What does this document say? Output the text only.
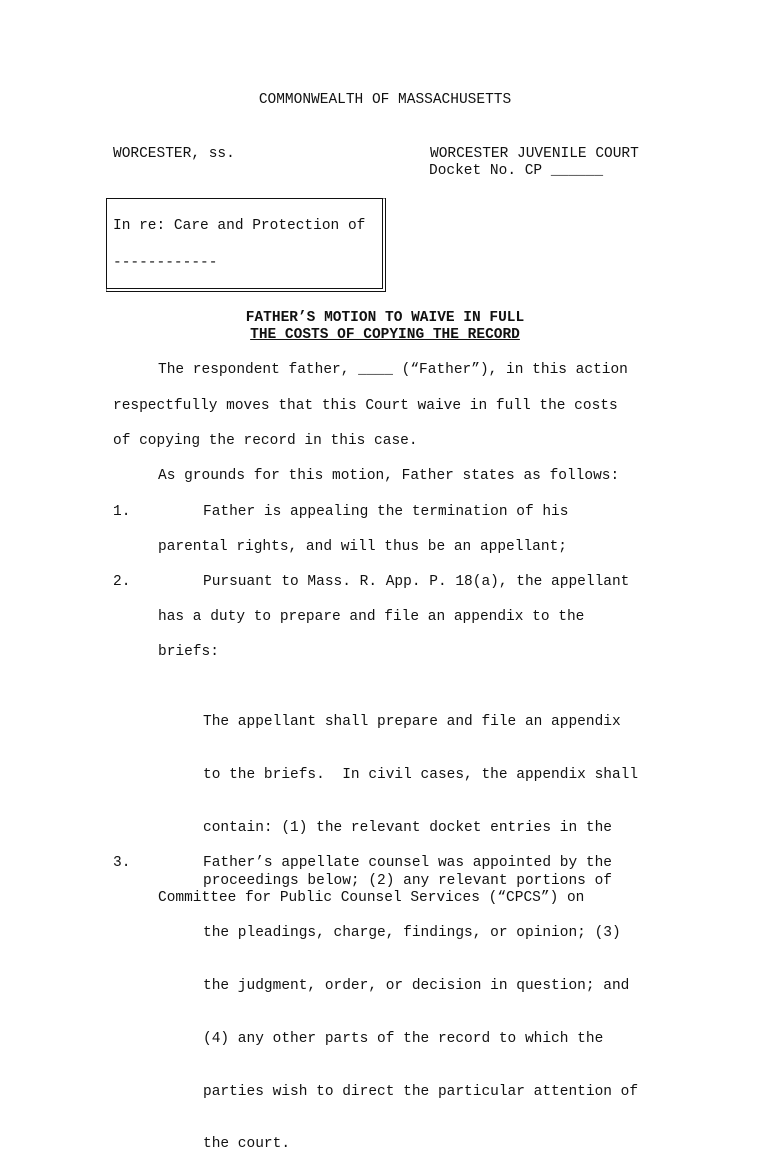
COMMONWEALTH OF MASSACHUSETTS
WORCESTER, ss.	WORCESTER JUVENILE COURT
Docket No. CP ______
In re: Care and Protection of
------------
FATHER’S MOTION TO WAIVE IN FULL
THE COSTS OF COPYING THE RECORD
The respondent father, ____ (“Father”), in this action
respectfully moves that this Court waive in full the costs
of copying the record in this case.
As grounds for this motion, Father states as follows:
1.	Father is appealing the termination of his
parental rights, and will thus be an appellant;
2.	Pursuant to Mass. R. App. P. 18(a), the appellant
has a duty to prepare and file an appendix to the
briefs:

The appellant shall prepare and file an appendix

to the briefs.  In civil cases, the appendix shall

contain: (1) the relevant docket entries in the

proceedings below; (2) any relevant portions of

the pleadings, charge, findings, or opinion; (3)

the judgment, order, or decision in question; and

(4) any other parts of the record to which the

parties wish to direct the particular attention of

the court.

3.	Father’s appellate counsel was appointed by the
Committee for Public Counsel Services (“CPCS”) on
